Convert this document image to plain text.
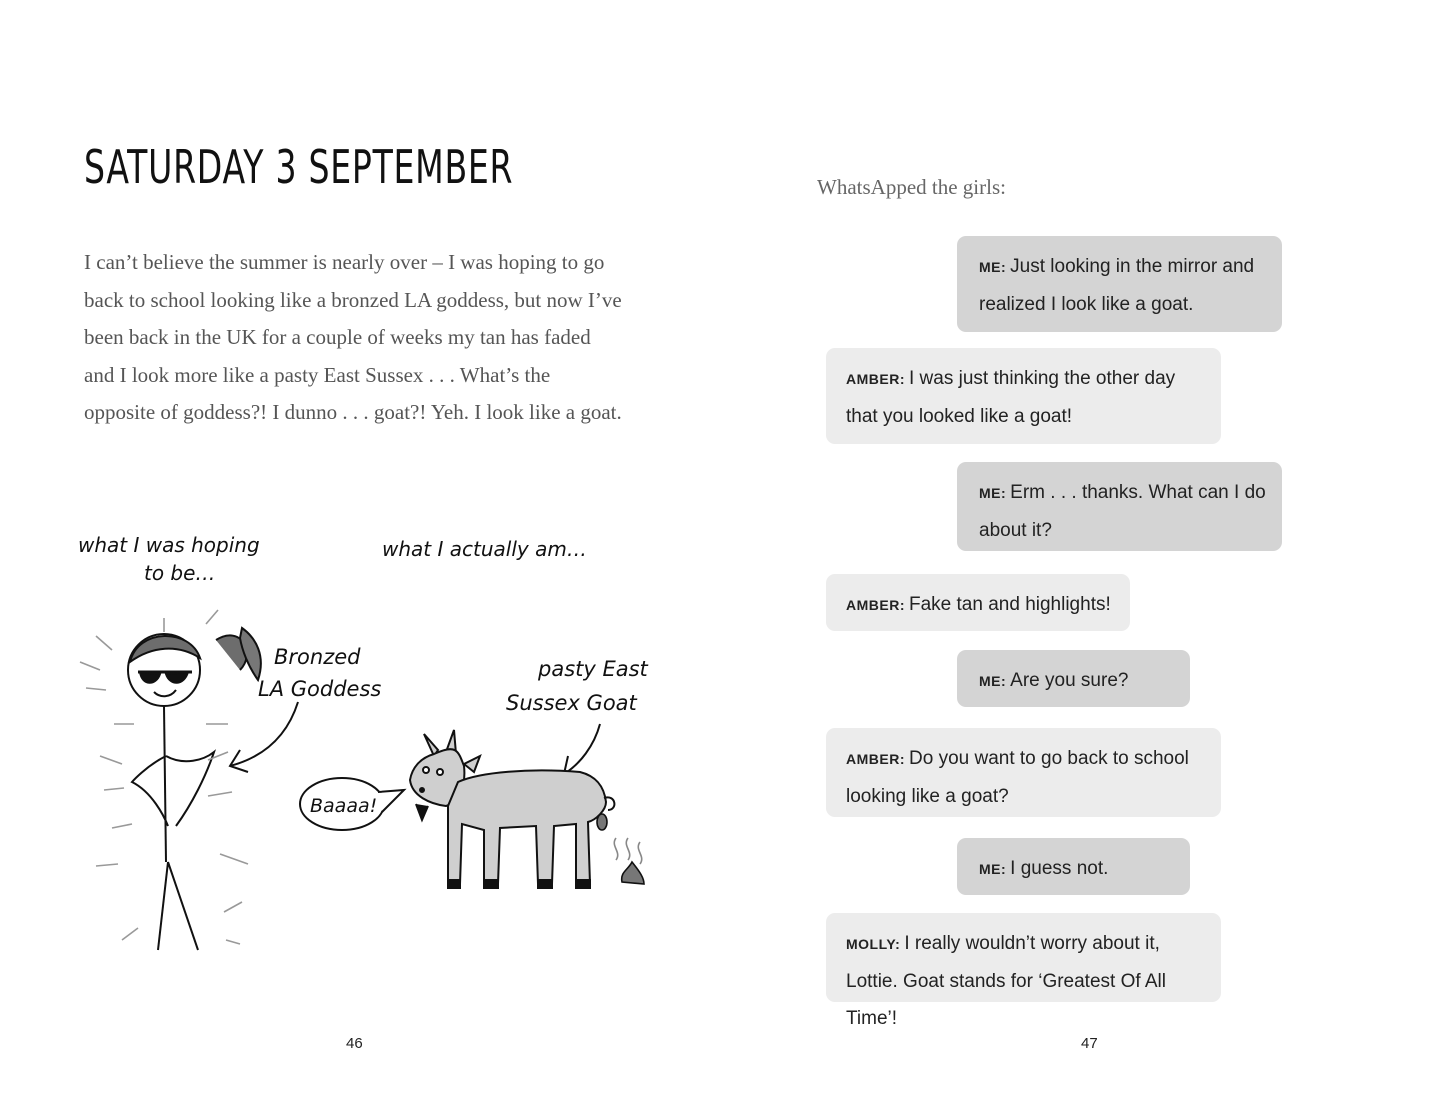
SATURDAY 3 SEPTEMBER

I can’t believe the summer is nearly over – I was hoping to go back to school looking like a bronzed LA goddess, but now I’ve been back in the UK for a couple of weeks my tan has faded and I look more like a pasty East Sussex . . . What’s the opposite of goddess?! I dunno . . . goat?! Yeh. I look like a goat.

what I was hoping
to be…
what I actually am…
Bronzed
LA Goddess
pasty East
Sussex Goat
Baaaa!

46

WhatsApped the girls:

ME: Just looking in the mirror and realized I look like a goat.
AMBER: I was just thinking the other day that you looked like a goat!
ME: Erm . . . thanks. What can I do about it?
AMBER: Fake tan and highlights!
ME: Are you sure?
AMBER: Do you want to go back to school looking like a goat?
ME: I guess not.
MOLLY: I really wouldn’t worry about it, Lottie. Goat stands for ‘Greatest Of All Time’!

47
